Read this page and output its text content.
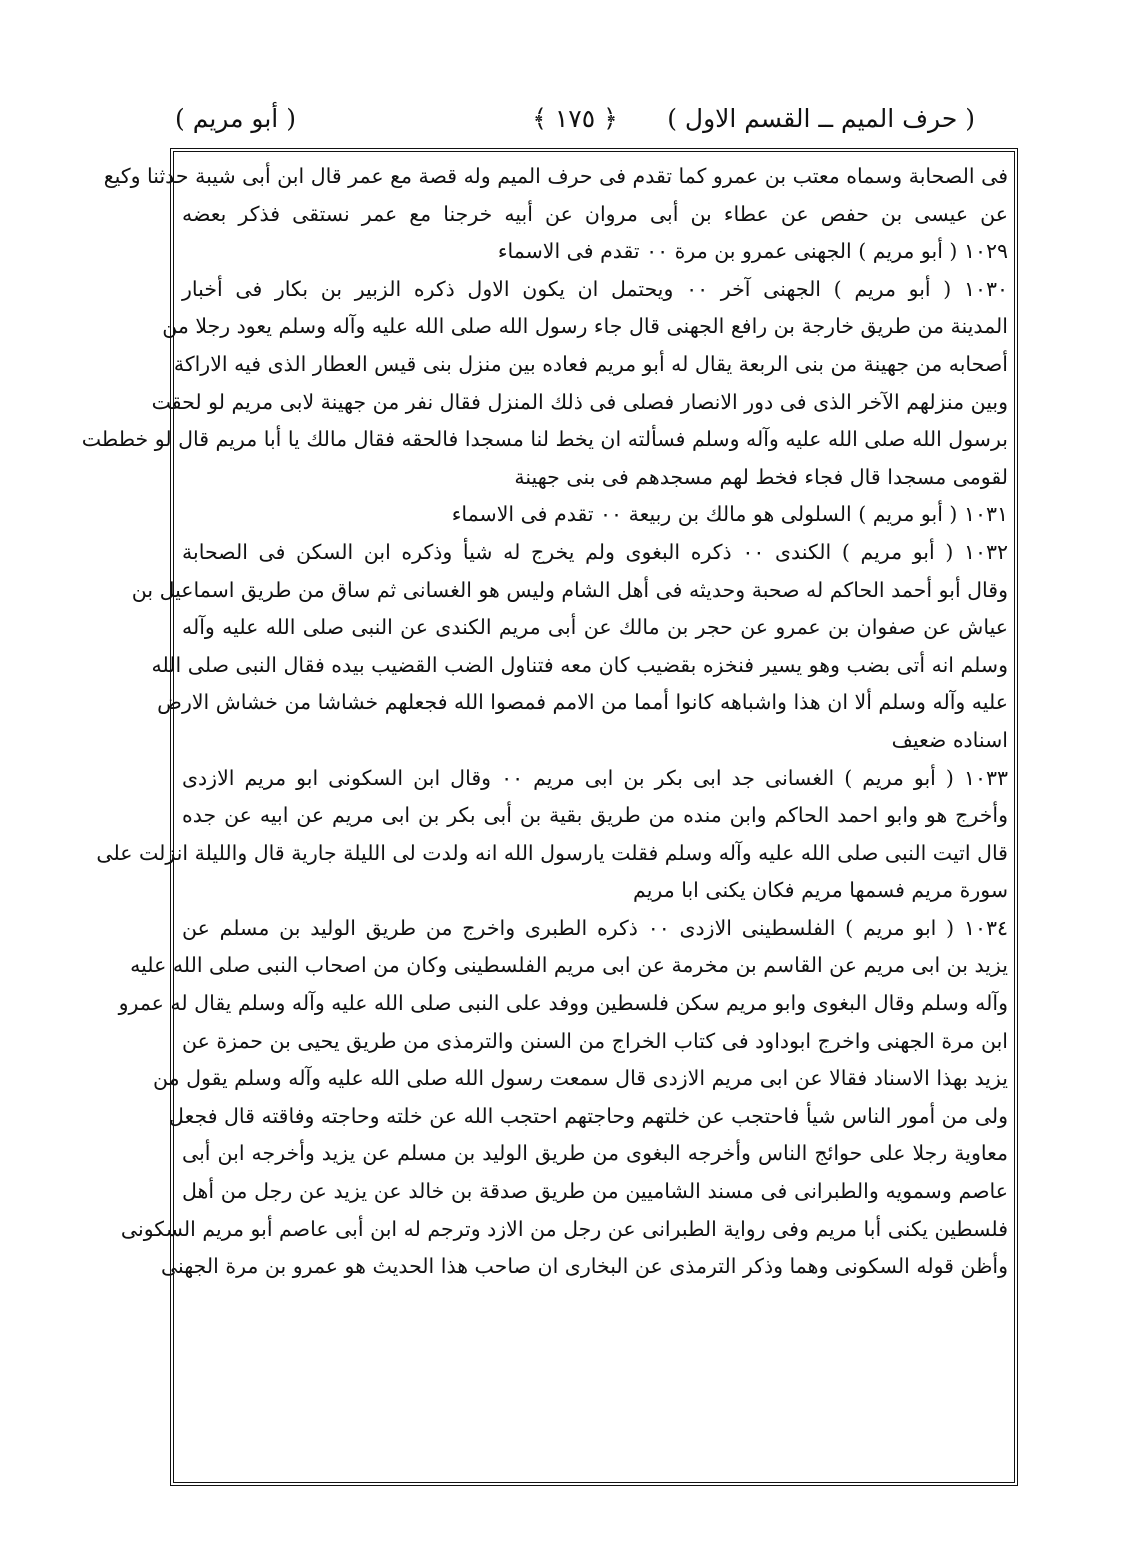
( حرف الميم ــ القسم الاول )
﴿ ١٧٥ ﴾
( أبو مريم )
فى الصحابة وسماه معتب بن عمرو كما تقدم فى حرف الميم وله قصة مع عمر قال ابن أبى شيبة حدثنا وكيع
عن عيسى بن حفص عن عطاء بن أبى مروان عن أبيه خرجنا مع عمر نستقى فذكر بعضه
١٠٢٩ ( أبو مريم ) الجهنى عمرو بن مرة ٠٠ تقدم فى الاسماء
١٠٣٠ ( أبو مريم ) الجهنى آخر ٠٠ ويحتمل ان يكون الاول ذكره الزبير بن بكار فى أخبار
المدينة من طريق خارجة بن رافع الجهنى قال جاء رسول الله صلى الله عليه وآله وسلم يعود رجلا من
أصحابه من جهينة من بنى الربعة يقال له أبو مريم فعاده بين منزل بنى قيس العطار الذى فيه الاراكة
وبين منزلهم الآخر الذى فى دور الانصار فصلى فى ذلك المنزل فقال نفر من جهينة لابى مريم لو لحقت
برسول الله صلى الله عليه وآله وسلم فسألته ان يخط لنا مسجدا فالحقه فقال مالك يا أبا مريم قال لو خططت
لقومى مسجدا قال فجاء فخط لهم مسجدهم فى بنى جهينة
١٠٣١ ( أبو مريم ) السلولى هو مالك بن ربيعة ٠٠ تقدم فى الاسماء
١٠٣٢ ( أبو مريم ) الكندى ٠٠ ذكره البغوى ولم يخرج له شيأ وذكره ابن السكن فى الصحابة
وقال أبو أحمد الحاكم له صحبة وحديثه فى أهل الشام وليس هو الغسانى ثم ساق من طريق اسماعيل بن
عياش عن صفوان بن عمرو عن حجر بن مالك عن أبى مريم الكندى عن النبى صلى الله عليه وآله
وسلم انه أتى بضب وهو يسير فنخزه بقضيب كان معه فتناول الضب القضيب بيده فقال النبى صلى الله
عليه وآله وسلم ألا ان هذا واشباهه كانوا أمما من الامم فمصوا الله فجعلهم خشاشا من خشاش الارض
اسناده ضعيف
١٠٣٣ ( أبو مريم ) الغسانى جد ابى بكر بن ابى مريم ٠٠ وقال ابن السكونى ابو مريم الازدى
وأخرج هو وابو احمد الحاكم وابن منده من طريق بقية بن أبى بكر بن ابى مريم عن ابيه عن جده
قال اتيت النبى صلى الله عليه وآله وسلم فقلت يارسول الله انه ولدت لى الليلة جارية قال والليلة انزلت على
سورة مريم فسمها مريم فكان يكنى ابا مريم
١٠٣٤ ( ابو مريم ) الفلسطينى الازدى ٠٠ ذكره الطبرى واخرج من طريق الوليد بن مسلم عن
يزيد بن ابى مريم عن القاسم بن مخرمة عن ابى مريم الفلسطينى وكان من اصحاب النبى صلى الله عليه
وآله وسلم وقال البغوى وابو مريم سكن فلسطين ووفد على النبى صلى الله عليه وآله وسلم يقال له عمرو
ابن مرة الجهنى واخرج ابوداود فى كتاب الخراج من السنن والترمذى من طريق يحيى بن حمزة عن
يزيد بهذا الاسناد فقالا عن ابى مريم الازدى قال سمعت رسول الله صلى الله عليه وآله وسلم يقول من
ولى من أمور الناس شيأ فاحتجب عن خلتهم وحاجتهم احتجب الله عن خلته وحاجته وفاقته قال فجعل
معاوية رجلا على حوائج الناس وأخرجه البغوى من طريق الوليد بن مسلم عن يزيد وأخرجه ابن أبى
عاصم وسمويه والطبرانى فى مسند الشاميين من طريق صدقة بن خالد عن يزيد عن رجل من أهل
فلسطين يكنى أبا مريم وفى رواية الطبرانى عن رجل من الازد وترجم له ابن أبى عاصم أبو مريم السكونى
وأظن قوله السكونى وهما وذكر الترمذى عن البخارى ان صاحب هذا الحديث هو عمرو بن مرة الجهنى
